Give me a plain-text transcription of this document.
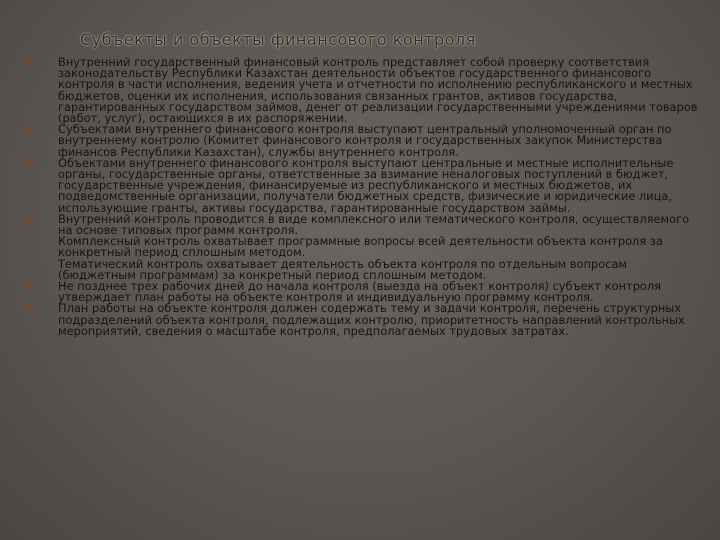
Субъекты и объекты финансового контроля
Внутренний государственный финансовый контроль представляет собой проверку соответствия законодательству Республики Казахстан деятельности объектов государственного финансового контроля в части исполнения, ведения учета и отчетности по исполнению республиканского и местных бюджетов, оценки их исполнения, использования связанных грантов, активов государства, гарантированных государством займов, денег от реализации государственными учреждениями товаров (работ, услуг), остающихся в их распоряжении.
Субъектами внутреннего финансового контроля выступают центральный уполномоченный орган по внутреннему контролю (Комитет финансового контроля и государственных закупок Министерства финансов Республики Казахстан), службы внутреннего контроля.
Объектами внутреннего финансового контроля выступают центральные и местные исполнительные органы, государственные органы, ответственные за взимание неналоговых поступлений в бюджет, государственные учреждения, финансируемые из республиканского и местных бюджетов, их подведомственные организации, получатели бюджетных средств, физические и юридические лица, использующие гранты, активы государства, гарантированные государством займы.
Внутренний контроль проводится в виде комплексного или тематического контроля, осуществляемого на основе типовых программ контроля.
Комплексный контроль охватывает программные вопросы всей деятельности объекта контроля за конкретный период сплошным методом.
Тематический контроль охватывает деятельность объекта контроля по отдельным вопросам (бюджетным программам) за конкретный период сплошным методом.
Не позднее трех рабочих дней до начала контроля (выезда на объект контроля) субъект контроля утверждает план работы на объекте контроля и индивидуальную программу контроля.
План работы на объекте контроля должен содержать тему и задачи контроля, перечень структурных подразделений объекта контроля, подлежащих контролю, приоритетность направлений контрольных мероприятий, сведения о масштабе контроля, предполагаемых трудовых затратах.
